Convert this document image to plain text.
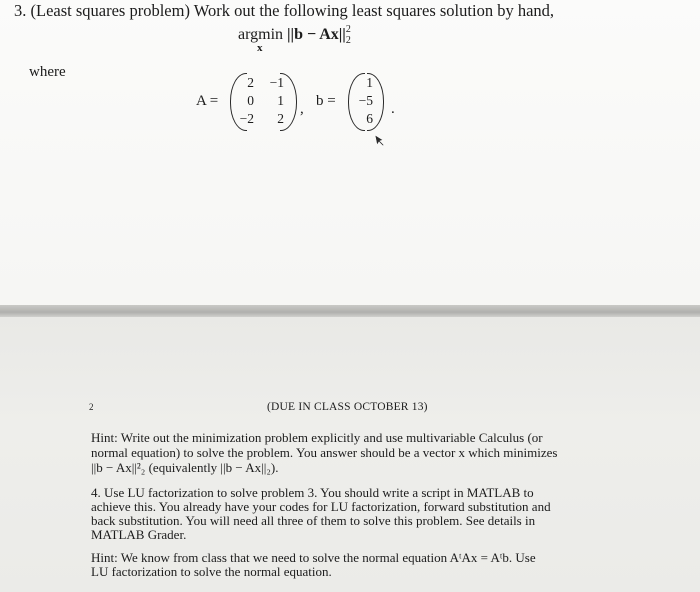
3. (Least squares problem) Work out the following least squares solution by hand,
argmin $||b - Ax||^2_2$
x
where
A =
2	−1
0	1
−2	2
, b =
1
−5
6
.
2	(DUE IN CLASS OCTOBER 13)
Hint: Write out the minimization problem explicitly and use multivariable Calculus (or
normal equation) to solve the problem. You answer should be a vector x which minimizes
||b − Ax||²₂ (equivalently ||b − Ax||₂).
4. Use LU factorization to solve problem 3. You should write a script in MATLAB to
achieve this. You already have your codes for LU factorization, forward substitution and
back substitution. You will need all three of them to solve this problem. See details in
MATLAB Grader.
Hint: We know from class that we need to solve the normal equation AᵗAx = Aᵗb. Use
LU factorization to solve the normal equation.
